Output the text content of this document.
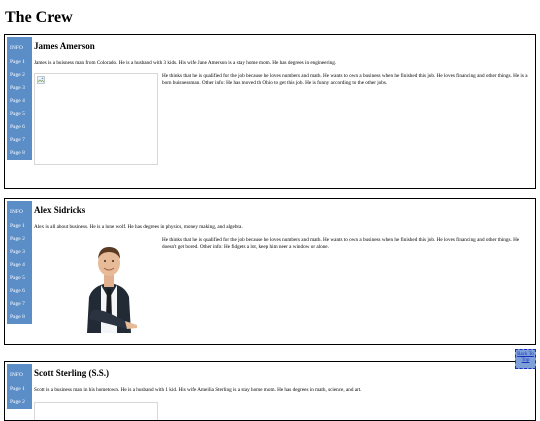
The Crew
INFO
Page 1
Page 2
Page 3
Page 4
Page 5
Page 6
Page 7
Page 8
James Amerson

James is a buisness man from Colorado. He is a husband with 3 kids. His wife Jane Amerson is a stay home mom. He has degrees in engineering.

He thinks that he is qualified for the job because he loves numbers and math. He wants to own a business when he finished this job. He loves financing and other things. He is a born buisnessman. Other info: He has moved th Ohio to get this job. He is funny according to the other jobs.

INFO
Page 1
Page 2
Page 3
Page 4
Page 5
Page 6
Page 7
Page 8
Alex Sidricks

Alex is all about business. He is a lone wolf. He has degrees in physics, money making, and algebra.

He thinks that he is qualified for the job because he loves numbers and math. He wants to own a business when he finished this job. He loves financing and other things. He doesn't get bored. Other info: He fidgets a lot, keep him neer a window or alone.

INFO
Page 1
Page 2
Scott Sterling (S.S.)

Scott is a business man in his hometown. He is a husband with 1 kid. His wife Ameilia Sterling is a stay home mom. He has degrees in math, science, and art.

Back To Top
